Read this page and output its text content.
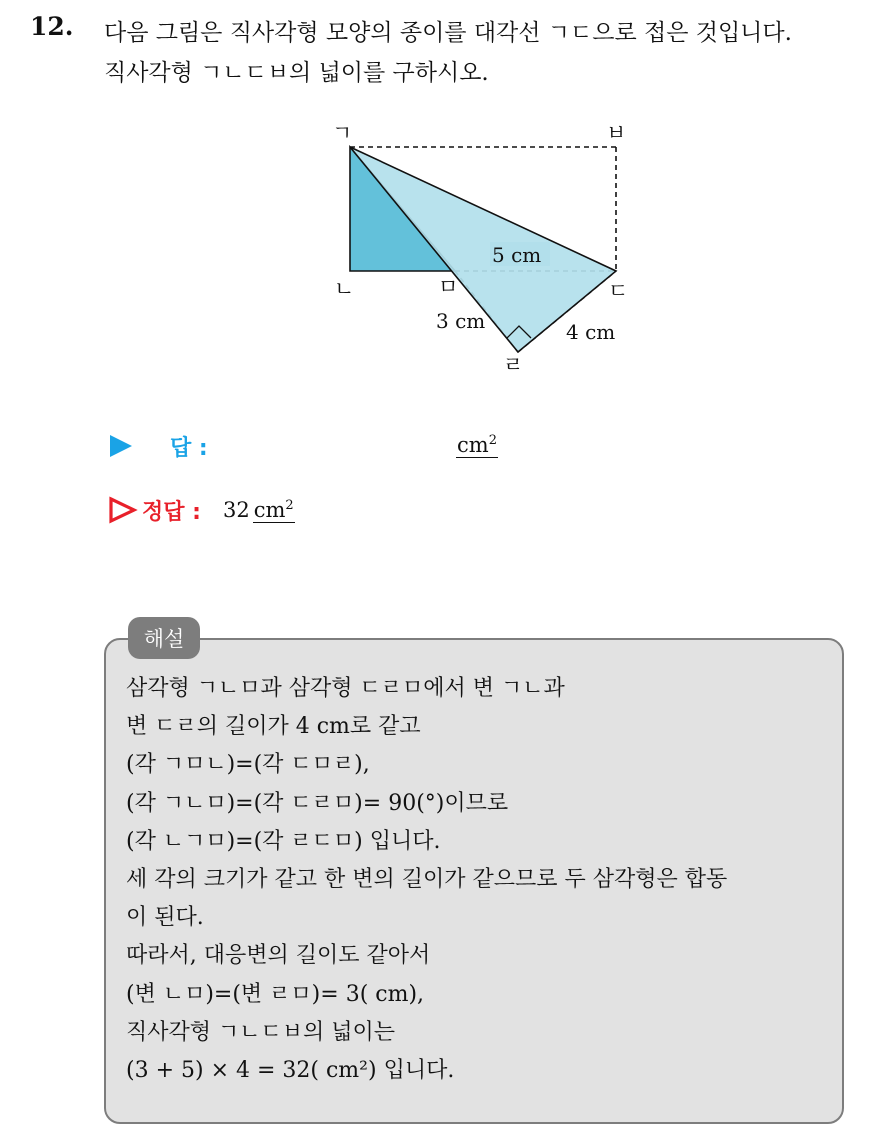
12. 다음 그림은 직사각형 모양의 종이를 대각선 ㄱㄷ으로 접은 것입니다.
직사각형 ㄱㄴㄷㅂ의 넓이를 구하시오.
ㄱ	ㅂ
ㄴ	ㅁ	ㄷ
ㄹ
5 cm
3 cm	4 cm
답 :	$cm^2$
정답 : 32 $cm^2$
해설
삼각형 ㄱㄴㅁ과 삼각형 ㄷㄹㅁ에서 변 ㄱㄴ과
변 ㄷㄹ의 길이가 4 cm로 같고
(각 ㄱㅁㄴ)=(각 ㄷㅁㄹ),
(각 ㄱㄴㅁ)=(각 ㄷㄹㅁ)= 90(°)이므로
(각 ㄴㄱㅁ)=(각 ㄹㄷㅁ) 입니다.
세 각의 크기가 같고 한 변의 길이가 같으므로 두 삼각형은 합동
이 된다.
따라서, 대응변의 길이도 같아서
(변 ㄴㅁ)=(변 ㄹㅁ)= 3( cm),
직사각형 ㄱㄴㄷㅂ의 넓이는
(3 + 5) × 4 = 32( cm²) 입니다.
